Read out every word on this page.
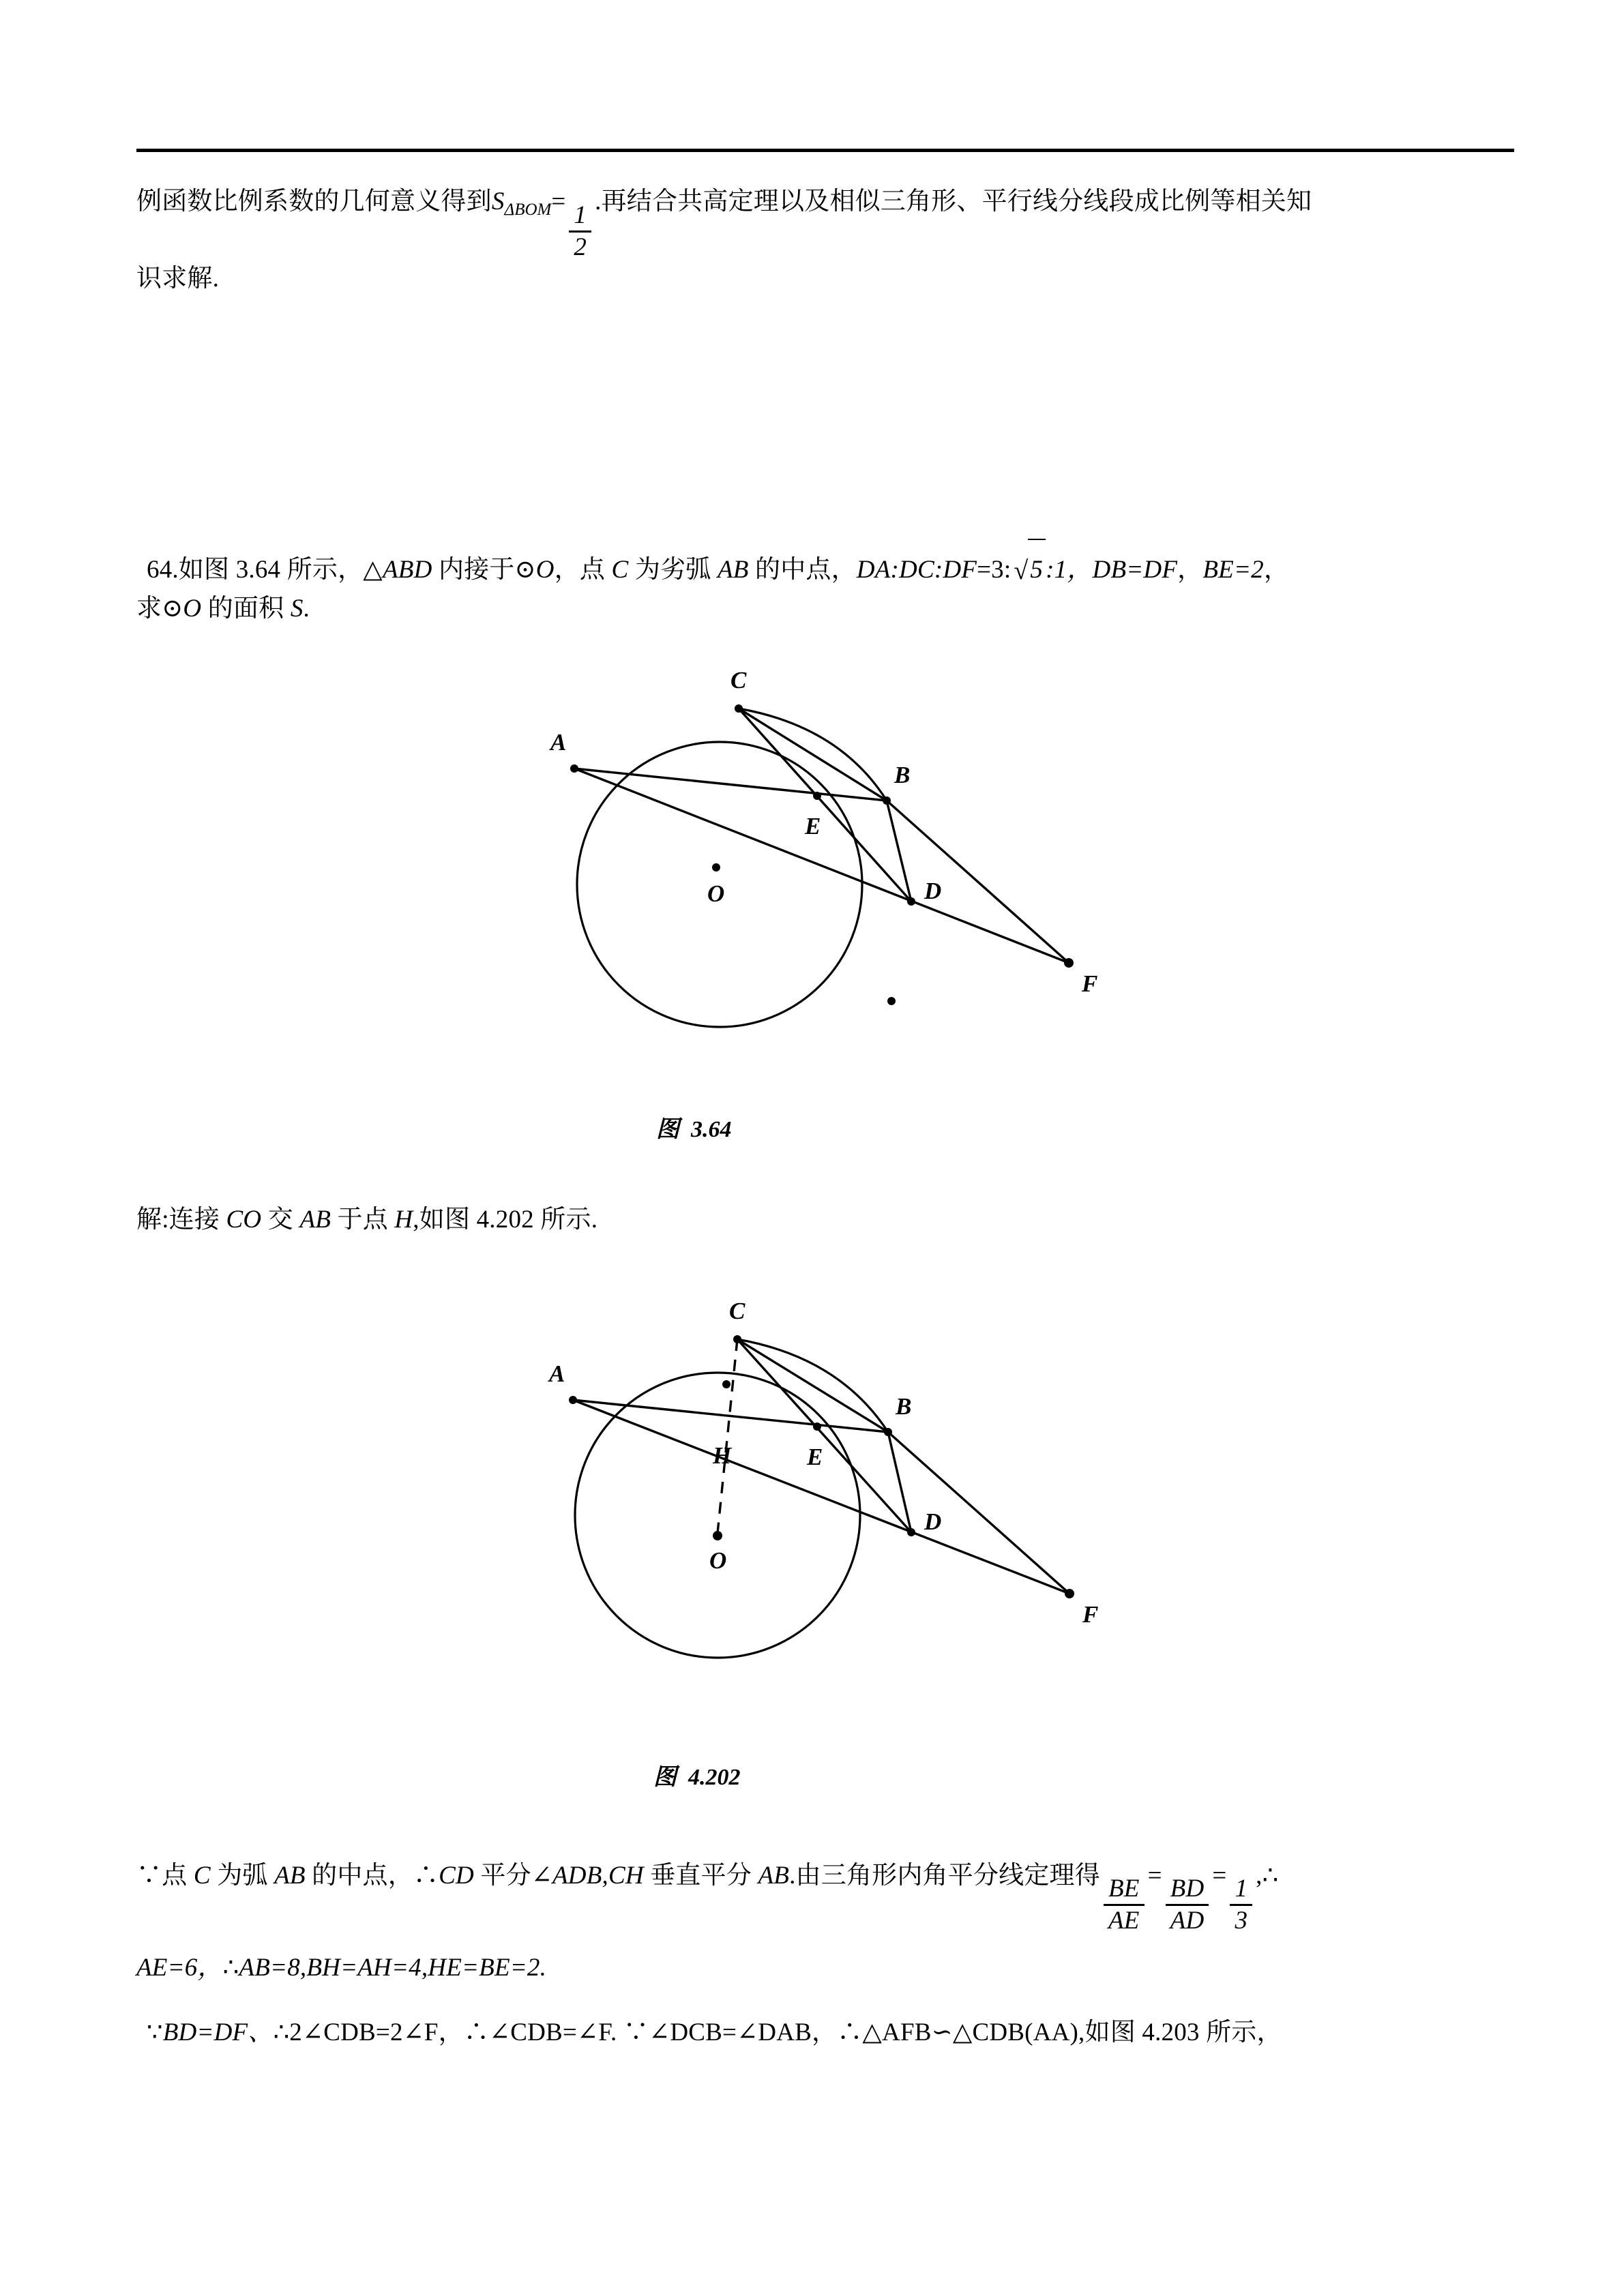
例函数比例系数的几何意义得到$S_{\Delta BOM}=$
$\frac{1}{2}$
.再结合共高定理以及相似三角形、平行线分线段成比例等相关知
识求解.
64.如图 3.64 所示，△ABD 内接于⊙O，点 C 为劣弧 AB 的中点，DA:DC:DF=3: √5 :1，DB=DF，BE=2，
求⊙O 的面积 S.
A
B
C
D
E
F
O
图 3.64
解:连接 CO 交 AB 于点 H,如图 4.202 所示.
A
B
C
D
E
F
H
O
图 4.202
∵点 C 为弧 AB 的中点，∴CD 平分∠ADB,CH 垂直平分 AB.由三角形内角平分线定理得
$\frac{BE}{AE}$
=
$\frac{BD}{AD}$
=
$\frac{1}{3}$
,∴
AE=6，∴AB=8,BH=AH=4,HE=BE=2.
∵BD=DF、∴2∠CDB=2∠F，∴∠CDB=∠F. ∵∠DCB=∠DAB，∴△AFB∽△CDB(AA),如图 4.203 所示，
